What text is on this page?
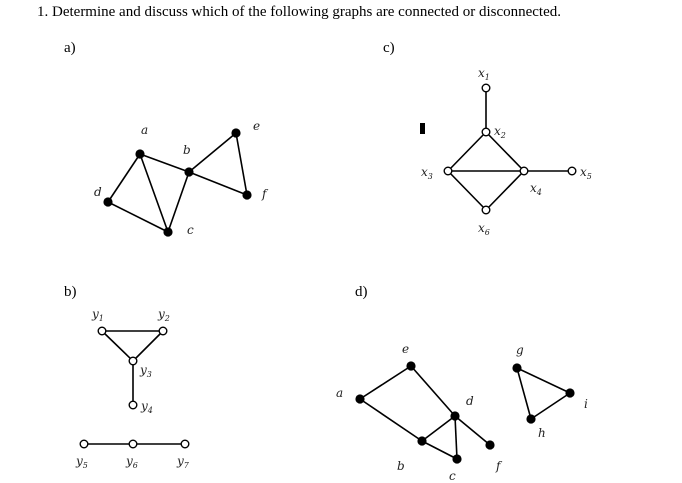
1. Determine and discuss which of the following graphs are connected or disconnected.
a)	c)
b)	d)
a
b
c
d
e
f
$y_1$	$y_2$
$y_3$
$y_4$
$y_5$	$y_6$	$y_7$
$x_1$
$x_2$
$x_3$
$x_4$
$x_5$
$x_6$
a
b
c
d
e
f
g
h
i
